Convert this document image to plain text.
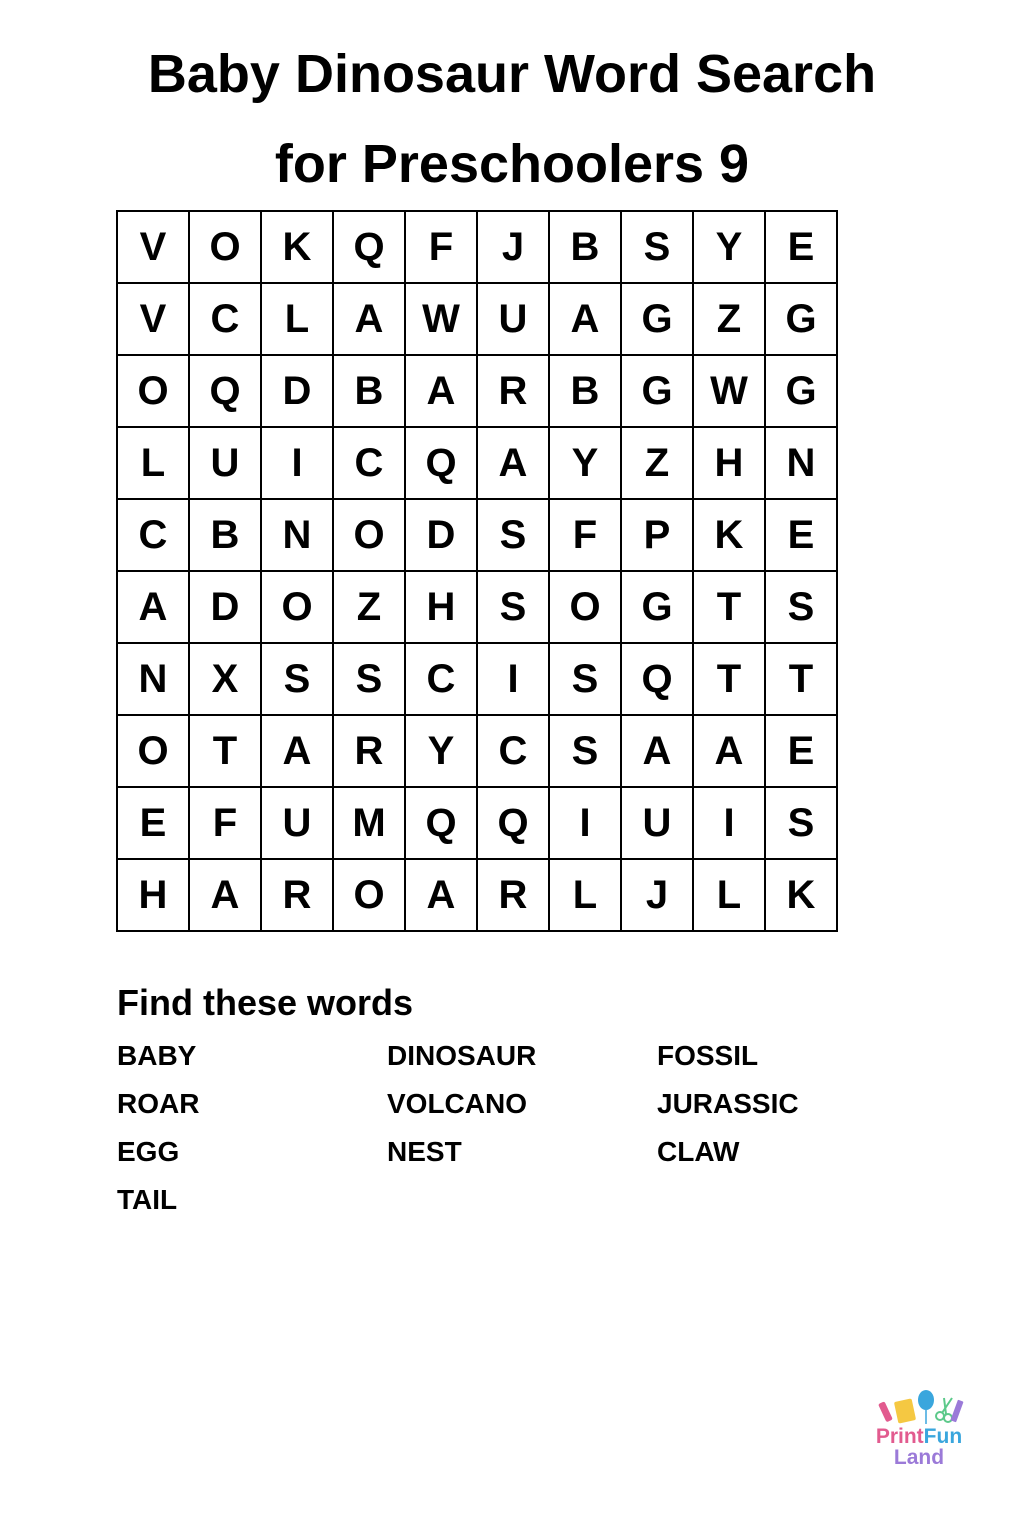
Baby Dinosaur Word Search
for Preschoolers 9
V	O	K	Q	F	J	B	S	Y	E
V	C	L	A	W	U	A	G	Z	G
O	Q	D	B	A	R	B	G	W	G
L	U	I	C	Q	A	Y	Z	H	N
C	B	N	O	D	S	F	P	K	E
A	D	O	Z	H	S	O	G	T	S
N	X	S	S	C	I	S	Q	T	T
O	T	A	R	Y	C	S	A	A	E
E	F	U	M	Q	Q	I	U	I	S
H	A	R	O	A	R	L	J	L	K
Find these words
BABY	DINOSAUR	FOSSIL
ROAR	VOLCANO	JURASSIC
EGG	NEST	CLAW
TAIL
PrintFun
Land
